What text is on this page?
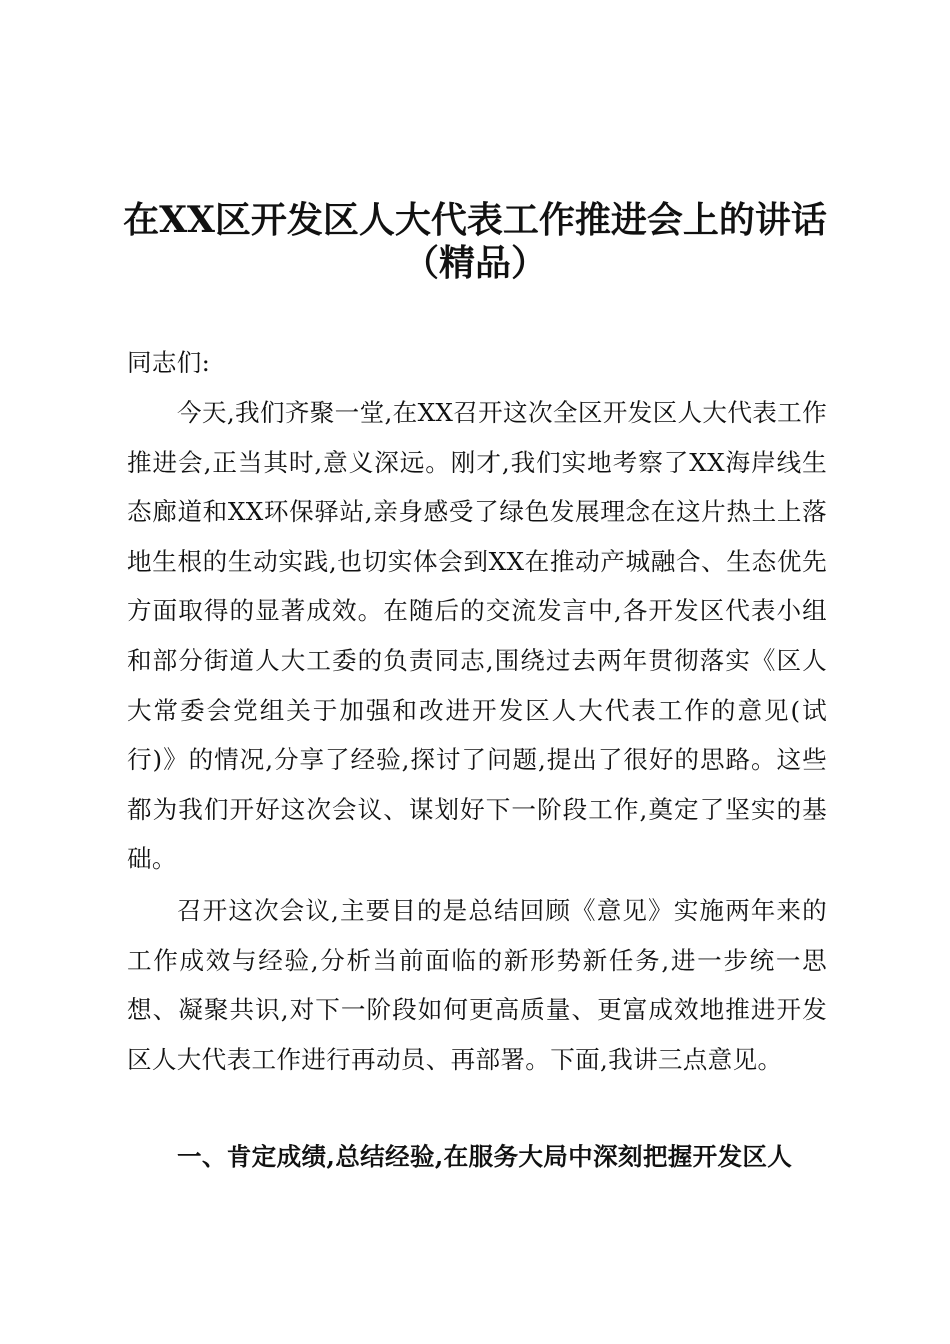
在XX区开发区人大代表工作推进会上的讲话
（精品）
同志们:
今天,我们齐聚一堂,在XX召开这次全区开发区人大代表工作推进会,正当其时,意义深远。刚才,我们实地考察了XX海岸线生态廊道和XX环保驿站,亲身感受了绿色发展理念在这片热土上落地生根的生动实践,也切实体会到XX在推动产城融合、生态优先方面取得的显著成效。在随后的交流发言中,各开发区代表小组和部分街道人大工委的负责同志,围绕过去两年贯彻落实《区人大常委会党组关于加强和改进开发区人大代表工作的意见(试行)》的情况,分享了经验,探讨了问题,提出了很好的思路。这些都为我们开好这次会议、谋划好下一阶段工作,奠定了坚实的基础。
召开这次会议,主要目的是总结回顾《意见》实施两年来的工作成效与经验,分析当前面临的新形势新任务,进一步统一思想、凝聚共识,对下一阶段如何更高质量、更富成效地推进开发区人大代表工作进行再动员、再部署。下面,我讲三点意见。
一、肯定成绩,总结经验,在服务大局中深刻把握开发区人
